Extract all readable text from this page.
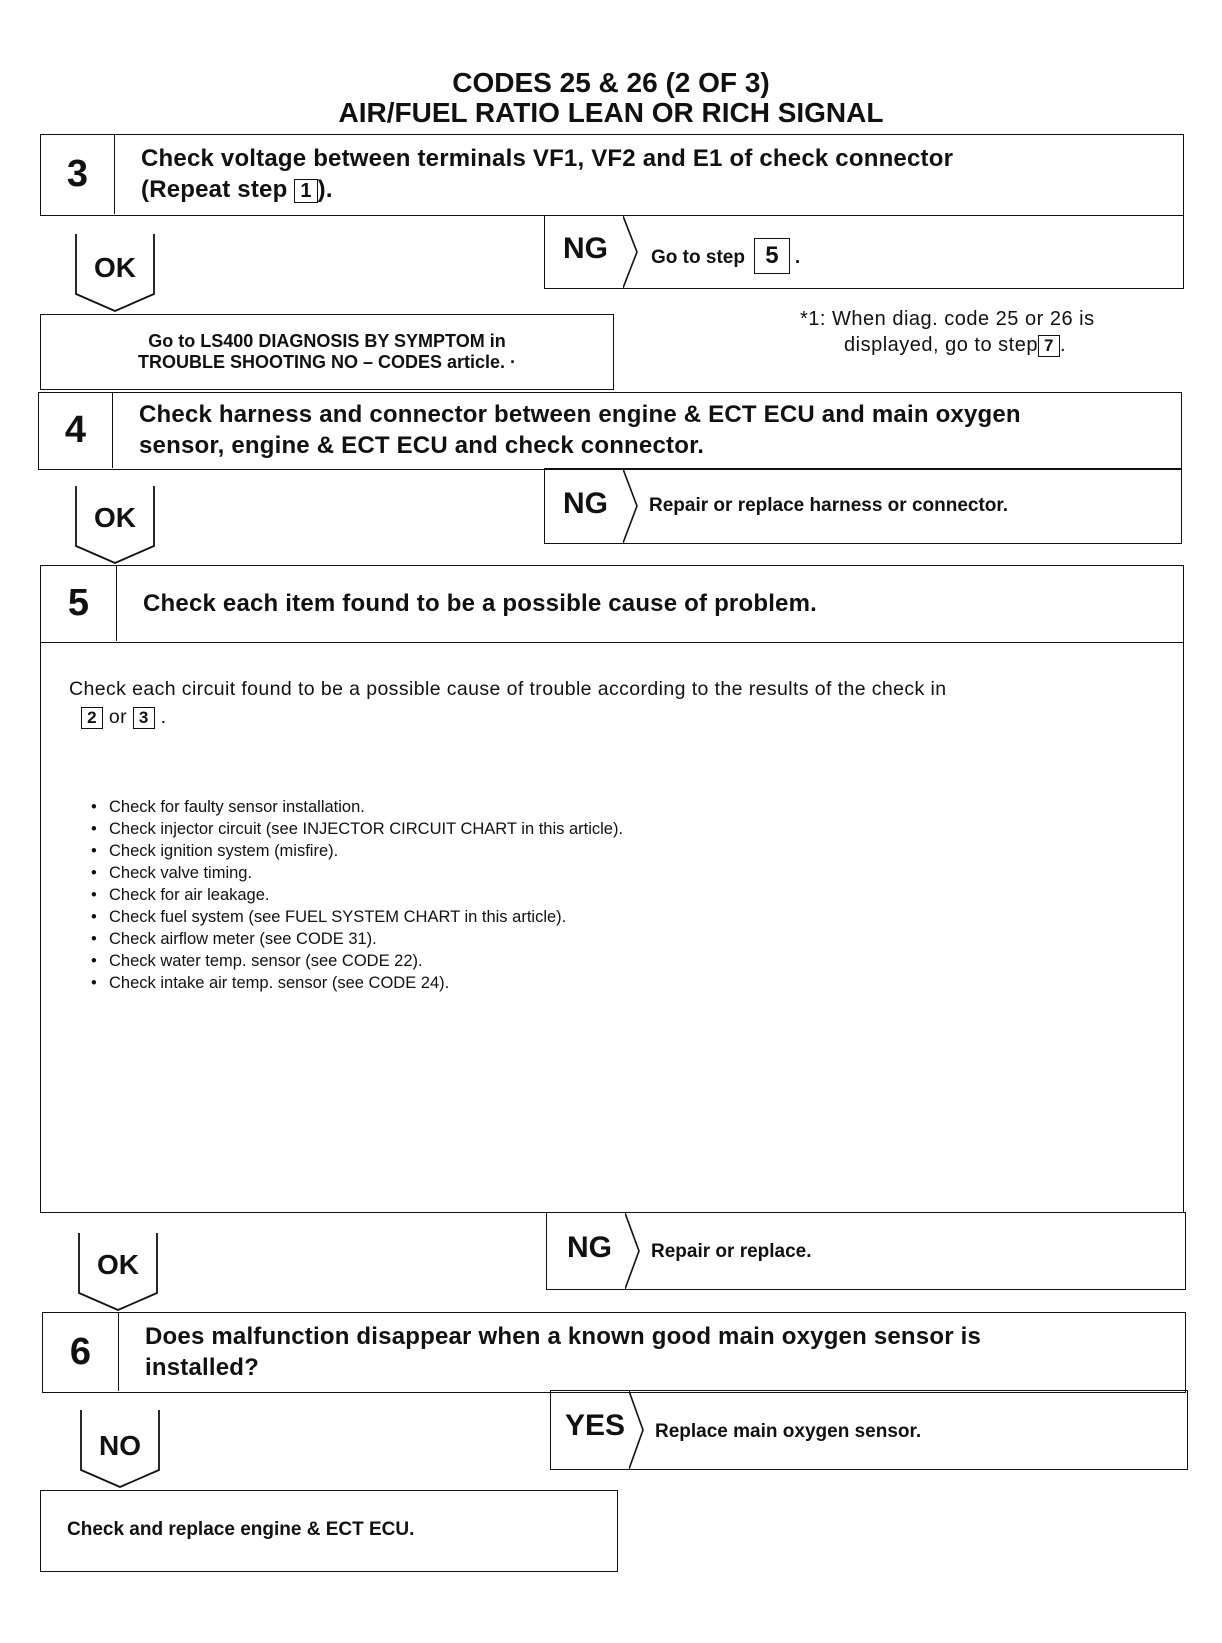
CODES 25 & 26 (2 OF 3)
AIR/FUEL RATIO LEAN OR RICH SIGNAL
3	Check voltage between terminals VF1, VF2 and E1 of check connector
(Repeat step 1 ).
OK
NG Go to step 5 .
Go to LS400 DIAGNOSIS BY SYMPTOM in
TROUBLE SHOOTING NO – CODES article. ·
*1: When diag. code 25 or 26 is
displayed, go to step 7 .
4	Check harness and connector between engine & ECT ECU and main oxygen
sensor, engine & ECT ECU and check connector.
OK	NG Repair or replace harness or connector.
5	Check each item found to be a possible cause of problem.
Check each circuit found to be a possible cause of trouble according to the results of the check in
2 or 3 .
• Check for faulty sensor installation.
• Check injector circuit (see INJECTOR CIRCUIT CHART in this article).
• Check ignition system (misfire).
• Check valve timing.
• Check for air leakage.
• Check fuel system (see FUEL SYSTEM CHART in this article).
• Check airflow meter (see CODE 31).
• Check water temp. sensor (see CODE 22).
• Check intake air temp. sensor (see CODE 24).
OK
NG Repair or replace.
6	Does malfunction disappear when a known good main oxygen sensor is
installed?
NO
YES Replace main oxygen sensor.
Check and replace engine & ECT ECU.
